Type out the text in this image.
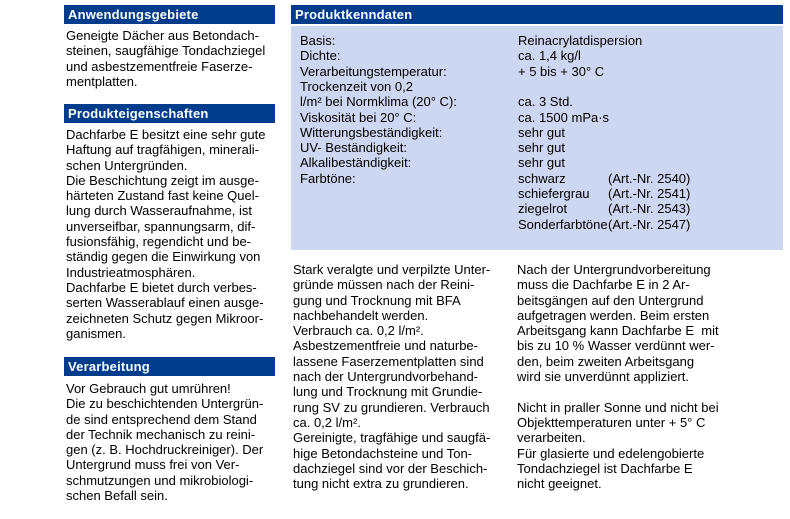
Anwendungsgebiete
Geneigte Dächer aus Betondach-
steinen, saugfähige Tondachziegel
und asbestzementfreie Faserze-
mentplatten.
Produkteigenschaften
Dachfarbe E besitzt eine sehr gute
Haftung auf tragfähigen, minerali-
schen Untergründen.
Die Beschichtung zeigt im ausge-
härteten Zustand fast keine Quel-
lung durch Wasseraufnahme, ist
unverseifbar, spannungsarm, dif-
fusionsfähig, regendicht und be-
ständig gegen die Einwirkung von
Industrieatmosphären.
Dachfarbe E bietet durch verbes-
serten Wasserablauf einen ausge-
zeichneten Schutz gegen Mikroor-
ganismen.
Verarbeitung
Vor Gebrauch gut umrühren!
Die zu beschichtenden Untergrün-
de sind entsprechend dem Stand
der Technik mechanisch zu reini-
gen (z. B. Hochdruckreiniger). Der
Untergrund muss frei von Ver-
schmutzungen und mikrobiologi-
schen Befall sein.
Produktkenndaten
Basis:	Reinacrylatdispersion
Dichte:	ca. 1,4 kg/l
Verarbeitungstemperatur:	+ 5 bis + 30° C
Trockenzeit von 0,2
l/m² bei Normklima (20° C):	ca. 3 Std.
Viskosität bei 20° C:	ca. 1500 mPa·s
Witterungsbeständigkeit:	sehr gut
UV- Beständigkeit:	sehr gut
Alkalibeständigkeit:	sehr gut
Farbtöne:	schwarz	(Art.-Nr. 2540)
schiefergrau (Art.-Nr. 2541)
ziegelrot	(Art.-Nr. 2543)
Sonderfarbtöne (Art.-Nr. 2547)
Stark veralgte und verpilzte Unter-
gründe müssen nach der Reini-
gung und Trocknung mit BFA
nachbehandelt werden.
Verbrauch ca. 0,2 l/m².
Asbestzementfreie und naturbe-
lassene Faserzementplatten sind
nach der Untergrundvorbehand-
lung und Trocknung mit Grundie-
rung SV zu grundieren. Verbrauch
ca. 0,2 l/m².
Gereinigte, tragfähige und saugfä-
hige Betondachsteine und Ton-
dachziegel sind vor der Beschich-
tung nicht extra zu grundieren.
Nach der Untergrundvorbereitung
muss die Dachfarbe E in 2 Ar-
beitsgängen auf den Untergrund
aufgetragen werden. Beim ersten
Arbeitsgang kann Dachfarbe E  mit
bis zu 10 % Wasser verdünnt wer-
den, beim zweiten Arbeitsgang
wird sie unverdünnt appliziert.

Nicht in praller Sonne und nicht bei
Objekttemperaturen unter + 5° C
verarbeiten.
Für glasierte und edelengobierte
Tondachziegel ist Dachfarbe E
nicht geeignet.
